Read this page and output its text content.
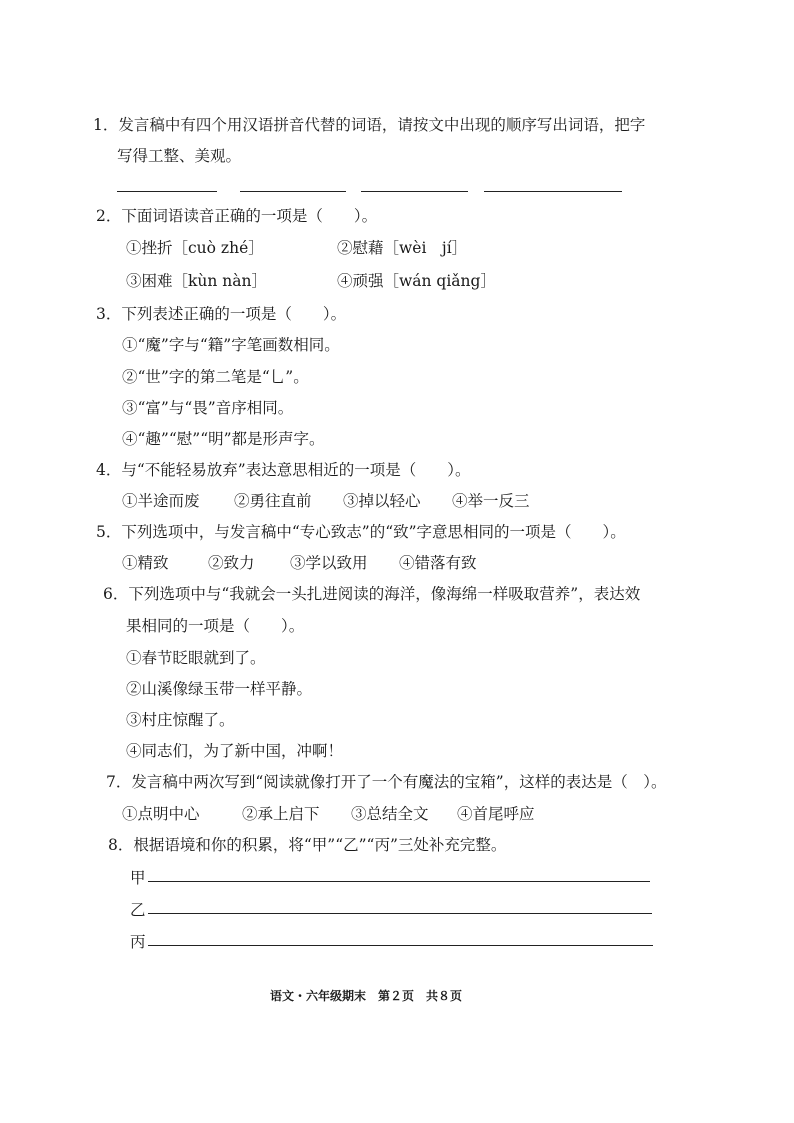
1．发言稿中有四个用汉语拼音代替的词语，请按文中出现的顺序写出词语，把字
写得工整、美观。
2．下面词语读音正确的一项是（　　）。
①挫折［cuò zhé］	②慰藉［wèi　jí］
③困难［kùn nàn］	④顽强［wán qiǎng］
3．下列表述正确的一项是（　　）。
①“魔”字与“籍”字笔画数相同。
②“世”字的第二笔是“乚”。
③“富”与“畏”音序相同。
④“趣”“慰”“明”都是形声字。
4．与“不能轻易放弃”表达意思相近的一项是（　　）。
①半途而废 ②勇往直前 ③掉以轻心 ④举一反三
5．下列选项中，与发言稿中“专心致志”的“致”字意思相同的一项是（　　）。
①精致	②致力 ③学以致用 ④错落有致
6．下列选项中与“我就会一头扎进阅读的海洋，像海绵一样吸取营养”，表达效
果相同的一项是（　　）。
①春节眨眼就到了。
②山溪像绿玉带一样平静。
③村庄惊醒了。
④同志们，为了新中国，冲啊！
7．发言稿中两次写到“阅读就像打开了一个有魔法的宝箱”，这样的表达是（　）。
①点明中心	②承上启下 ③总结全文 ④首尾呼应
8．根据语境和你的积累，将“甲”“乙”“丙”三处补充完整。
甲
乙
丙
语文・六年级期末　第２页　共８页
